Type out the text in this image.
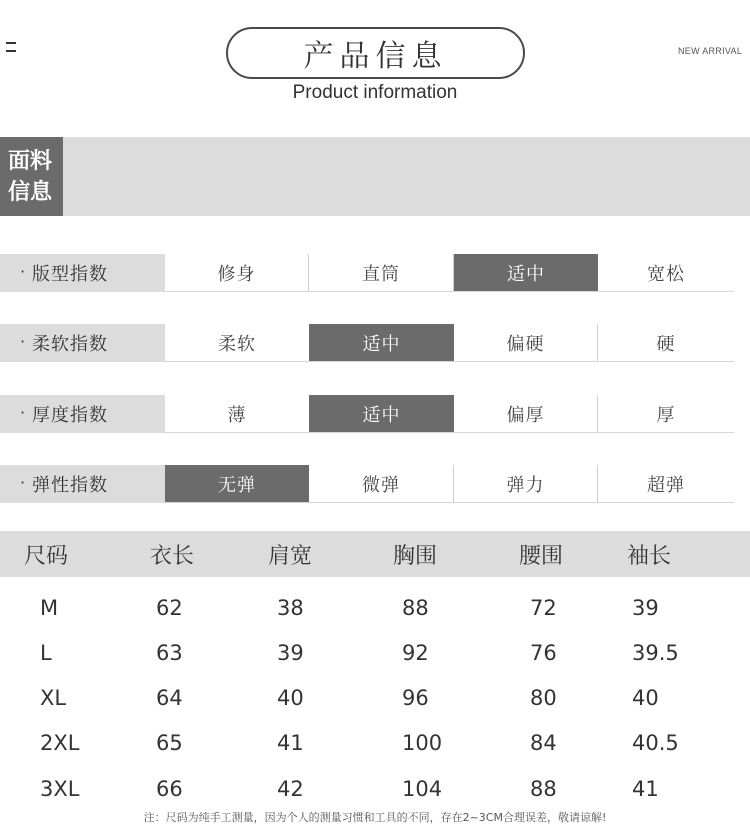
产品信息
Product information
NEW ARRIVAL
面料
信息
· 版型指数	修身	直筒	适中	宽松
· 柔软指数	柔软	适中	偏硬	硬
· 厚度指数	薄	适中	偏厚	厚
· 弹性指数	无弹	微弹	弹力	超弹
尺码	衣长	肩宽	胸围	腰围	袖长
M	62	38	88	72	39
L	63	39	92	76	39.5
XL	64	40	96	80	40
2XL	65	41	100	84	40.5
3XL	66	42	104	88	41
注：尺码为纯手工测量，因为个人的测量习惯和工具的不同，存在2~3CM合理误差，敬请谅解!
